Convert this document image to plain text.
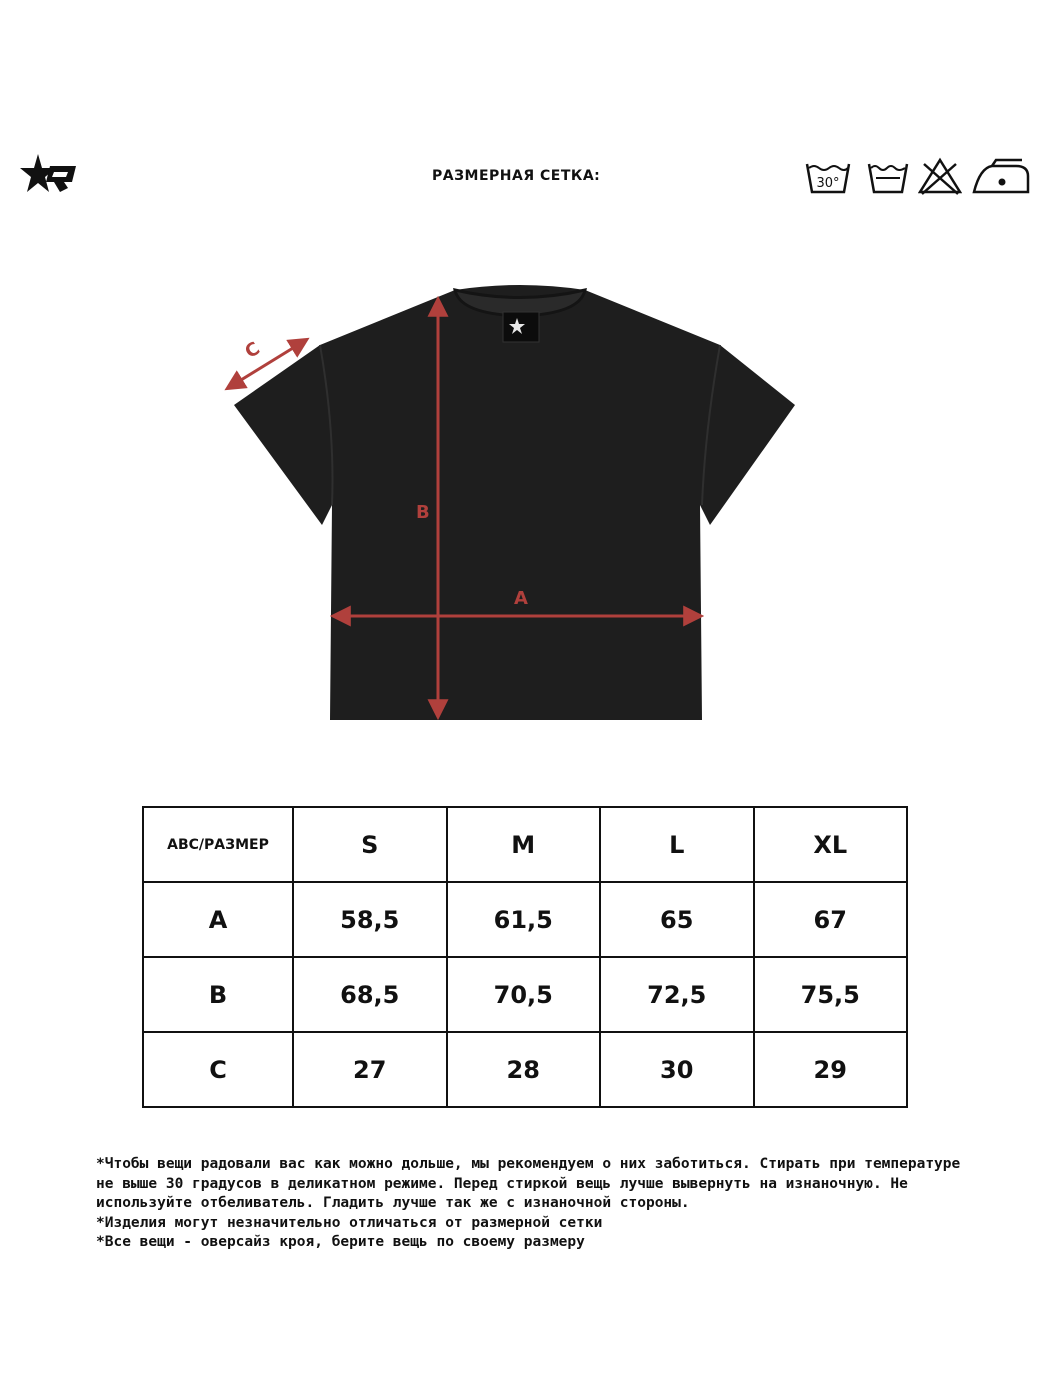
РАЗМЕРНАЯ СЕТКА:	30°
B
A
C
ABC/РАЗМЕР	S	M	L	XL
A	58,5	61,5	65	67
B	68,5	70,5	72,5	75,5
C	27	28	30	29

*Чтобы вещи радовали вас как можно дольше, мы рекомендуем о них заботиться. Стирать при температуре не выше 30 градусов в деликатном режиме. Перед стиркой вещь лучше вывернуть на изнаночную. Не используйте отбеливатель. Гладить лучше так же с изнаночной стороны.

*Изделия могут незначительно отличаться от размерной сетки

*Все вещи - оверсайз кроя, берите вещь по своему размеру
